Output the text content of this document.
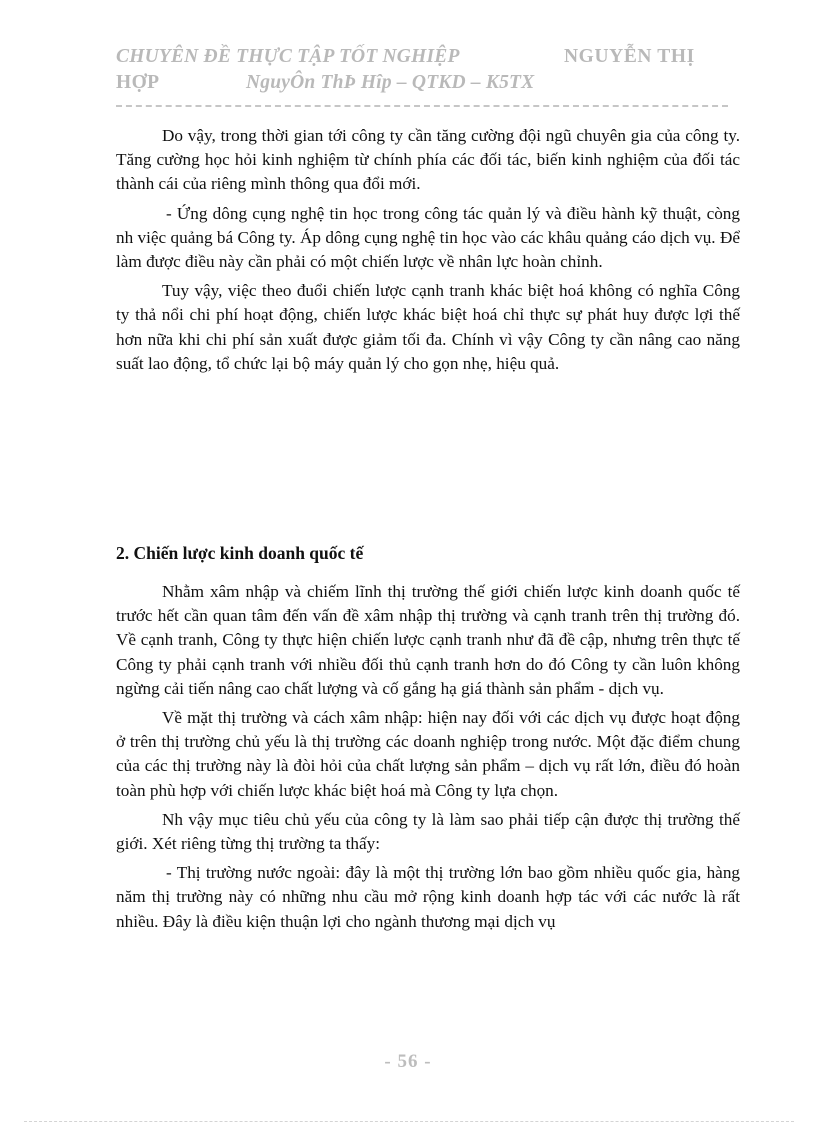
CHUYÊN ĐỀ THỰC TẬP TỐT NGHIỆP	NGUYỄN THỊ
HỢP	NguyÔn ThÞ Hîp – QTKD – K5TX

Do vậy, trong thời gian tới công ty cần tăng cường đội ngũ chuyên gia của công ty. Tăng cường học hỏi kinh nghiệm từ chính phía các đối tác, biến kinh nghiệm của đối tác thành cái của riêng mình thông qua đổi mới.

- Ứng dông cụng nghệ tin học trong công tác quản lý và điều hành kỹ thuật, còng nh việc quảng bá Công ty. Áp dông cụng nghệ tin học vào các khâu quảng cáo dịch vụ. Để làm được điều này cần phải có một chiến lược về nhân lực hoàn chỉnh.

Tuy vậy, việc theo đuổi chiến lược cạnh tranh khác biệt hoá không có nghĩa Công ty thả nổi chi phí hoạt động, chiến lược khác biệt hoá chỉ thực sự phát huy được lợi thế hơn nữa khi chi phí sản xuất được giảm tối đa. Chính vì vậy Công ty cần nâng cao năng suất lao động, tổ chức lại bộ máy quản lý cho gọn nhẹ, hiệu quả.

2. Chiến lược kinh doanh quốc tế

Nhằm xâm nhập và chiếm lĩnh thị trường thế giới chiến lược kinh doanh quốc tế trước hết cần quan tâm đến vấn đề xâm nhập thị trường và cạnh tranh trên thị trường đó. Về cạnh tranh, Công ty thực hiện chiến lược cạnh tranh như đã đề cập, nhưng trên thực tế Công ty phải cạnh tranh với nhiều đối thủ cạnh tranh hơn do đó Công ty cần luôn không ngừng cải tiến nâng cao chất lượng và cố gắng hạ giá thành sản phẩm - dịch vụ.

Về mặt thị trường và cách xâm nhập: hiện nay đối với các dịch vụ được hoạt động ở trên thị trường chủ yếu là thị trường các doanh nghiệp trong nước. Một đặc điểm chung của các thị trường này là đòi hỏi của chất lượng sản phẩm – dịch vụ rất lớn, điều đó hoàn toàn phù hợp với chiến lược khác biệt hoá mà Công ty lựa chọn.

Nh vậy mục tiêu chủ yếu của công ty là làm sao phải tiếp cận được thị trường thế giới. Xét riêng từng thị trường ta thấy:

- Thị trường nước ngoài: đây là một thị trường lớn bao gồm nhiều quốc gia, hàng năm thị trường này có những nhu cầu mở rộng kinh doanh hợp tác với các nước là rất nhiều. Đây là điều kiện thuận lợi cho ngành thương mại dịch vụ

- 56 -
